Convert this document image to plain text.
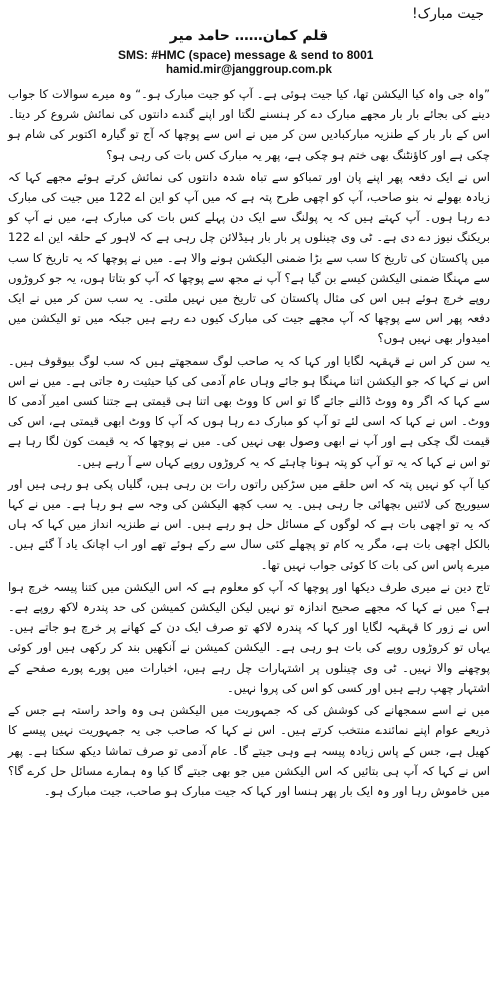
جیت مبارک!
قلم کمان…… حامد میر
SMS: #HMC (space) message & send to 8001
hamid.mir@janggroup.com.pk

”واہ جی واہ کیا الیکشن تھا، کیا جیت ہوئی ہے۔ آپ کو جیت مبارک ہو۔“ وہ میرے سوالات کا جواب دینے کی بجائے بار بار مجھے مبارک دے کر ہنسنے لگتا اور اپنے گندے دانتوں کی نمائش شروع کر دیتا۔ اس کے بار بار کے طنزیہ مبارکبادیں سن کر میں نے اس سے پوچھا کہ آج تو گیارہ اکتوبر کی شام ہو چکی ہے اور کاؤنٹنگ بھی ختم ہو چکی ہے، پھر یہ مبارک کس بات کی رہی ہو؟

اس نے ایک دفعہ پھر اپنے پان اور تمباکو سے تباہ شدہ دانتوں کی نمائش کرتے ہوئے مجھے کہا کہ زیادہ بھولے نہ بنو صاحب، آپ کو اچھی طرح پتہ ہے کہ میں آپ کو این اے 122 میں جیت کی مبارک دے رہا ہوں۔ آپ کہتے ہیں کہ یہ پولنگ سے ایک دن پہلے کس بات کی مبارک ہے، میں نے آپ کو بریکنگ نیوز دے دی ہے۔ ٹی وی چینلوں پر بار بار ہیڈلائن چل رہی ہے کہ لاہور کے حلقہ این اے 122 میں پاکستان کی تاریخ کا سب سے بڑا ضمنی الیکشن ہونے والا ہے۔ میں نے پوچھا کہ یہ تاریخ کا سب سے مہنگا ضمنی الیکشن کیسے بن گیا ہے؟ آپ نے مجھ سے پوچھا کہ آپ کو بتاتا ہوں، یہ جو کروڑوں روپے خرچ ہوئے ہیں اس کی مثال پاکستان کی تاریخ میں نہیں ملتی۔ یہ سب سن کر میں نے ایک دفعہ پھر اس سے پوچھا کہ آپ مجھے جیت کی مبارک کیوں دے رہے ہیں جبکہ میں تو الیکشن میں امیدوار بھی نہیں ہوں؟

یہ سن کر اس نے قہقہہ لگایا اور کہا کہ یہ صاحب لوگ سمجھتے ہیں کہ سب لوگ بیوقوف ہیں۔ اس نے کہا کہ جو الیکشن اتنا مہنگا ہو جائے وہاں عام آدمی کی کیا حیثیت رہ جاتی ہے۔ میں نے اس سے کہا کہ اگر وہ ووٹ ڈالنے جائے گا تو اس کا ووٹ بھی اتنا ہی قیمتی ہے جتنا کسی امیر آدمی کا ووٹ۔ اس نے کہا کہ اسی لئے تو آپ کو مبارک دے رہا ہوں کہ آپ کا ووٹ ابھی قیمتی ہے، اس کی قیمت لگ چکی ہے اور آپ نے ابھی وصول بھی نہیں کی۔ میں نے پوچھا کہ یہ قیمت کون لگا رہا ہے تو اس نے کہا کہ یہ تو آپ کو پتہ ہونا چاہئے کہ یہ کروڑوں روپے کہاں سے آ رہے ہیں۔

کیا آپ کو نہیں پتہ کہ اس حلقے میں سڑکیں راتوں رات بن رہی ہیں، گلیاں پکی ہو رہی ہیں اور سیوریج کی لائنیں بچھائی جا رہی ہیں۔ یہ سب کچھ الیکشن کی وجہ سے ہو رہا ہے۔ میں نے کہا کہ یہ تو اچھی بات ہے کہ لوگوں کے مسائل حل ہو رہے ہیں۔ اس نے طنزیہ انداز میں کہا کہ ہاں بالکل اچھی بات ہے، مگر یہ کام تو پچھلے کئی سال سے رکے ہوئے تھے اور اب اچانک یاد آ گئے ہیں۔ میرے پاس اس کی بات کا کوئی جواب نہیں تھا۔

تاج دین نے میری طرف دیکھا اور پوچھا کہ آپ کو معلوم ہے کہ اس الیکشن میں کتنا پیسہ خرچ ہوا ہے؟ میں نے کہا کہ مجھے صحیح اندازہ تو نہیں لیکن الیکشن کمیشن کی حد پندرہ لاکھ روپے ہے۔ اس نے زور کا قہقہہ لگایا اور کہا کہ پندرہ لاکھ تو صرف ایک دن کے کھانے پر خرچ ہو جاتے ہیں۔ یہاں تو کروڑوں روپے کی بات ہو رہی ہے۔ الیکشن کمیشن نے آنکھیں بند کر رکھی ہیں اور کوئی پوچھنے والا نہیں۔ ٹی وی چینلوں پر اشتہارات چل رہے ہیں، اخبارات میں پورے پورے صفحے کے اشتہار چھپ رہے ہیں اور کسی کو اس کی پروا نہیں۔

میں نے اسے سمجھانے کی کوشش کی کہ جمہوریت میں الیکشن ہی وہ واحد راستہ ہے جس کے ذریعے عوام اپنے نمائندے منتخب کرتے ہیں۔ اس نے کہا کہ صاحب جی یہ جمہوریت نہیں پیسے کا کھیل ہے، جس کے پاس زیادہ پیسہ ہے وہی جیتے گا۔ عام آدمی تو صرف تماشا دیکھ سکتا ہے۔ پھر اس نے کہا کہ آپ ہی بتائیں کہ اس الیکشن میں جو بھی جیتے گا کیا وہ ہمارے مسائل حل کرے گا؟ میں خاموش رہا اور وہ ایک بار پھر ہنسا اور کہا کہ جیت مبارک ہو صاحب، جیت مبارک ہو۔
